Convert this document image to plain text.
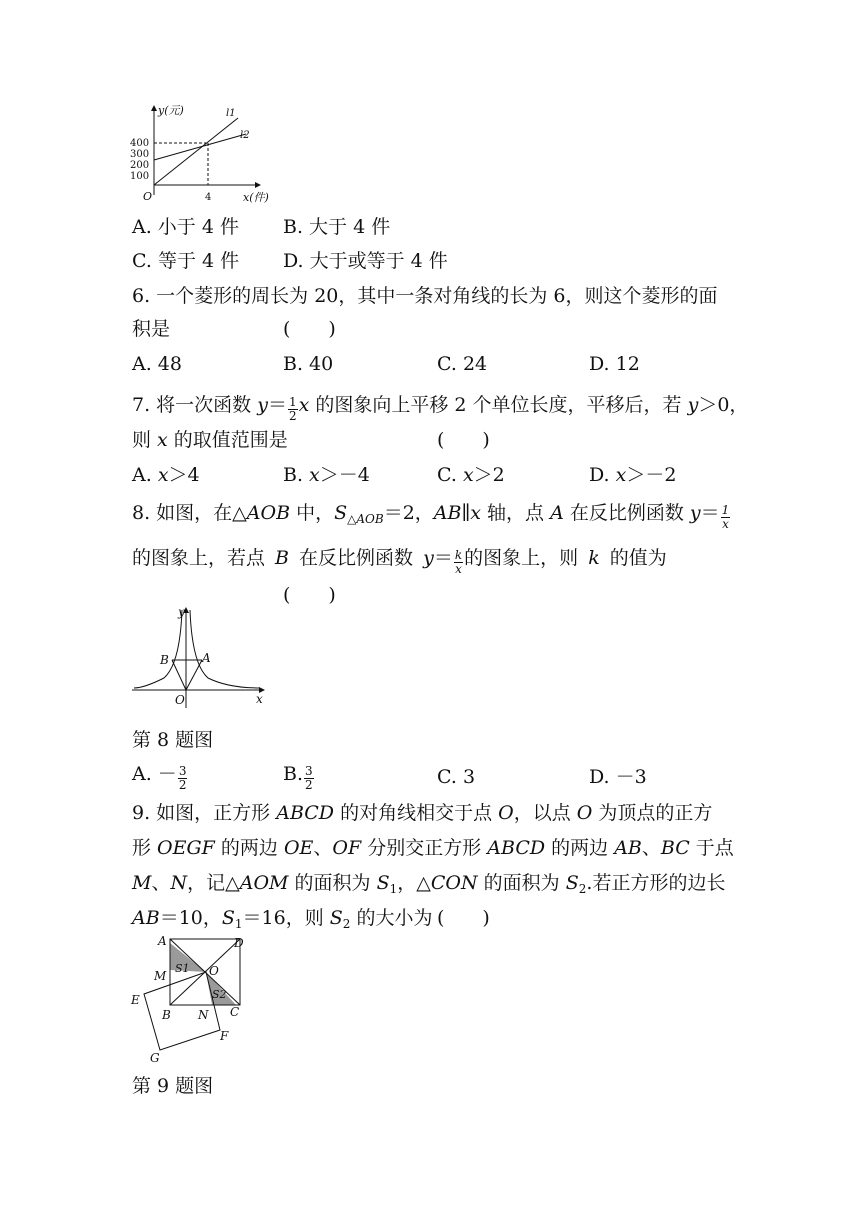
y(元)
x(件)
O
l1
l2
400
300
200
100
4
A. 小于 4 件 B. 大于 4 件
C. 等于 4 件 D. 大于或等于 4 件
6. 一个菱形的周长为 20，其中一条对角线的长为 6，则这个菱形的面
积是	(　　)
A. 48	B. 40	C. 24	D. 12
7. 将一次函数 $y= \frac{1}{2}$ x 的图象向上平移 2 个单位长度，平移后，若 y＞0，
则 x 的取值范围是	(　　)
A. x＞4	B. x＞－4	C. x＞2	D. x＞－2
8. 如图，在△AOB 中，$S_{\triangle AOB}=2$，AB∥x 轴，点 A 在反比例函数 $y= \frac{1}{x}$
的图象上，若点 B 在反比例函数 $y= \frac{k}{x}$ 的图象上，则 k 的值为
(　　)
y
x
O
A
B
第 8 题图
A. － $\frac{3}{2}$	B. $\frac{3}{2}$	C. 3	D. －3
9. 如图，正方形 ABCD 的对角线相交于点 O，以点 O 为顶点的正方
形 OEGF 的两边 OE、OF 分别交正方形 ABCD 的两边 AB、BC 于点
M、N，记△AOM 的面积为 $S_1$，△CON 的面积为 $S_2$.若正方形的边长
AB＝10，$S_1=16$，则 $S_2$ 的大小为 (　　)
A	D
M
S1 O
E	S2
B N C
F
G
第 9 题图
